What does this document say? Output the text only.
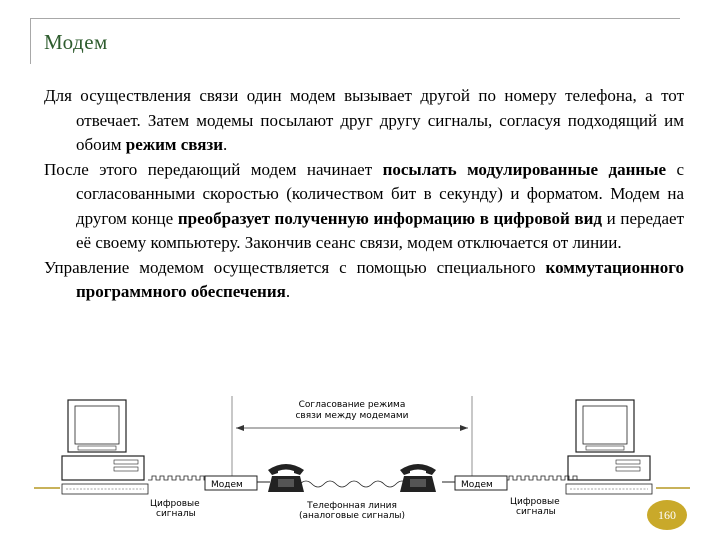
Модем

Для осуществления связи один модем вызывает другой по номеру телефона, а тот отвечает. Затем модемы посылают друг другу сигналы, согласуя подходящий им обоим режим связи.

После этого передающий модем начинает посылать модулированные данные с согласованными скоростью (количеством бит в секунду) и форматом. Модем на другом конце преобразует полученную информацию в цифровой вид и передает её своему компьютеру. Закончив сеанс связи, модем отключается от линии.

Управление модемом осуществляется с помощью специального коммутационного программного обеспечения.

Согласование режима
связи между модемами
Модем	Модем
Цифровые
сигналы
Телефонная линия
(аналоговые сигналы)
Цифровые
сигналы	160
